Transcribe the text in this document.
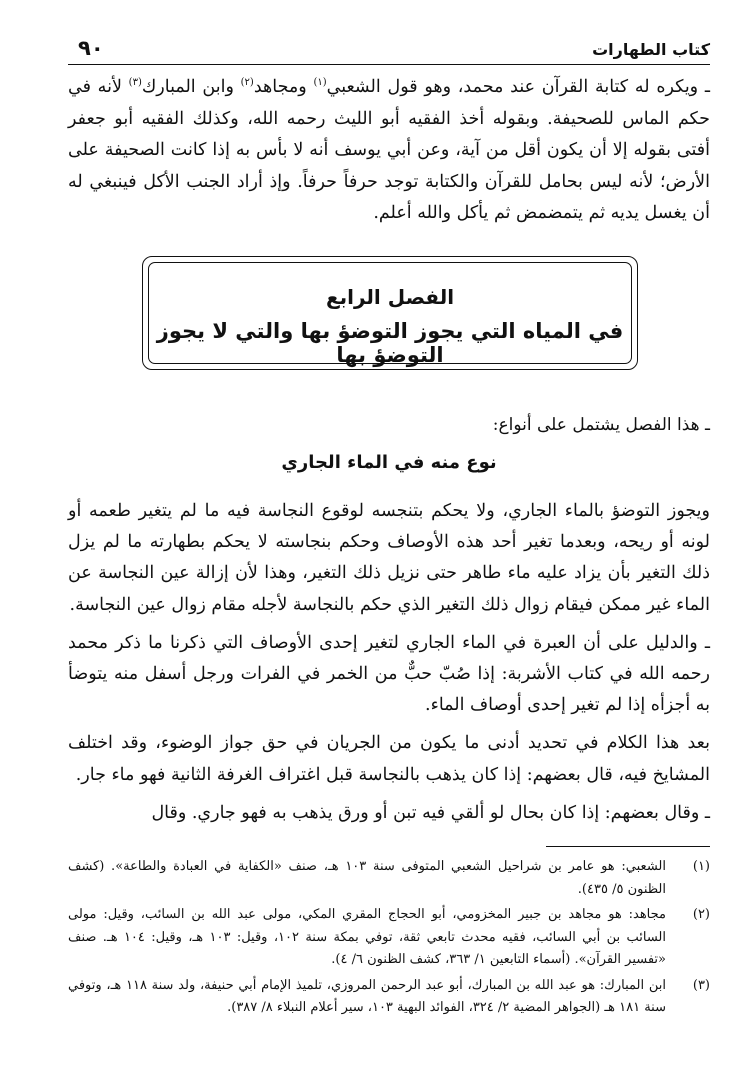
٩٠	كتاب الطهارات

ـ ويكره له كتابة القرآن عند محمد، وهو قول الشعبي$^{(١)}$ ومجاهد$^{(٢)}$ وابن المبارك$^{(٣)}$ لأنه في حكم الماس للصحيفة. وبقوله أخذ الفقيه أبو الليث رحمه الله، وكذلك الفقيه أبو جعفر أفتى بقوله إلا أن يكون أقل من آية، وعن أبي يوسف أنه لا بأس به إذا كانت الصحيفة على الأرض؛ لأنه ليس بحامل للقرآن والكتابة توجد حرفاً حرفاً. وإذ أراد الجنب الأكل فينبغي له أن يغسل يديه ثم يتمضمض ثم يأكل والله أعلم.

الفصل الرابع
في المياه التي يجوز التوضؤ بها والتي لا يجوز التوضؤ بها
ـ هذا الفصل يشتمل على أنواع:
نوع منه في الماء الجاري

ويجوز التوضؤ بالماء الجاري، ولا يحكم بتنجسه لوقوع النجاسة فيه ما لم يتغير طعمه أو لونه أو ريحه، وبعدما تغير أحد هذه الأوصاف وحكم بنجاسته لا يحكم بطهارته ما لم يزل ذلك التغير بأن يزاد عليه ماء طاهر حتى نزيل ذلك التغير، وهذا لأن إزالة عين النجاسة عن الماء غير ممكن فيقام زوال ذلك التغير الذي حكم بالنجاسة لأجله مقام زوال عين النجاسة.

ـ والدليل على أن العبرة في الماء الجاري لتغير إحدى الأوصاف التي ذكرنا ما ذكر محمد رحمه الله في كتاب الأشربة: إذا صُبّ حبٌّ من الخمر في الفرات ورجل أسفل منه يتوضأ به أجزأه إذا لم تغير إحدى أوصاف الماء.

بعد هذا الكلام في تحديد أدنى ما يكون من الجريان في حق جواز الوضوء، وقد اختلف المشايخ فيه، قال بعضهم: إذا كان يذهب بالنجاسة قبل اغتراف الغرفة الثانية فهو ماء جار.

ـ وقال بعضهم: إذا كان بحال لو ألقي فيه تبن أو ورق يذهب به فهو جاري. وقال

(١)
الشعبي: هو عامر بن شراحيل الشعبي المتوفى سنة ١٠٣ هـ، صنف «الكفاية في العبادة والطاعة». (كشف الظنون ٥/ ٤٣٥).
(٢)
مجاهد: هو مجاهد بن جبير المخزومي، أبو الحجاج المقري المكي، مولى عبد الله بن السائب، وقيل: مولى السائب بن أبي السائب، فقيه محدث تابعي ثقة، توفي بمكة سنة ١٠٢، وقيل: ١٠٣ هـ، وقيل: ١٠٤ هـ. صنف «تفسير القرآن». (أسماء التابعين ١/ ٣٦٣، كشف الظنون ٦/ ٤).
(٣)
ابن المبارك: هو عبد الله بن المبارك، أبو عبد الرحمن المروزي، تلميذ الإمام أبي حنيفة، ولد سنة ١١٨ هـ، وتوفي سنة ١٨١ هـ (الجواهر المضية ٢/ ٣٢٤، الفوائد البهية ١٠٣، سير أعلام النبلاء ٨/ ٣٨٧).
